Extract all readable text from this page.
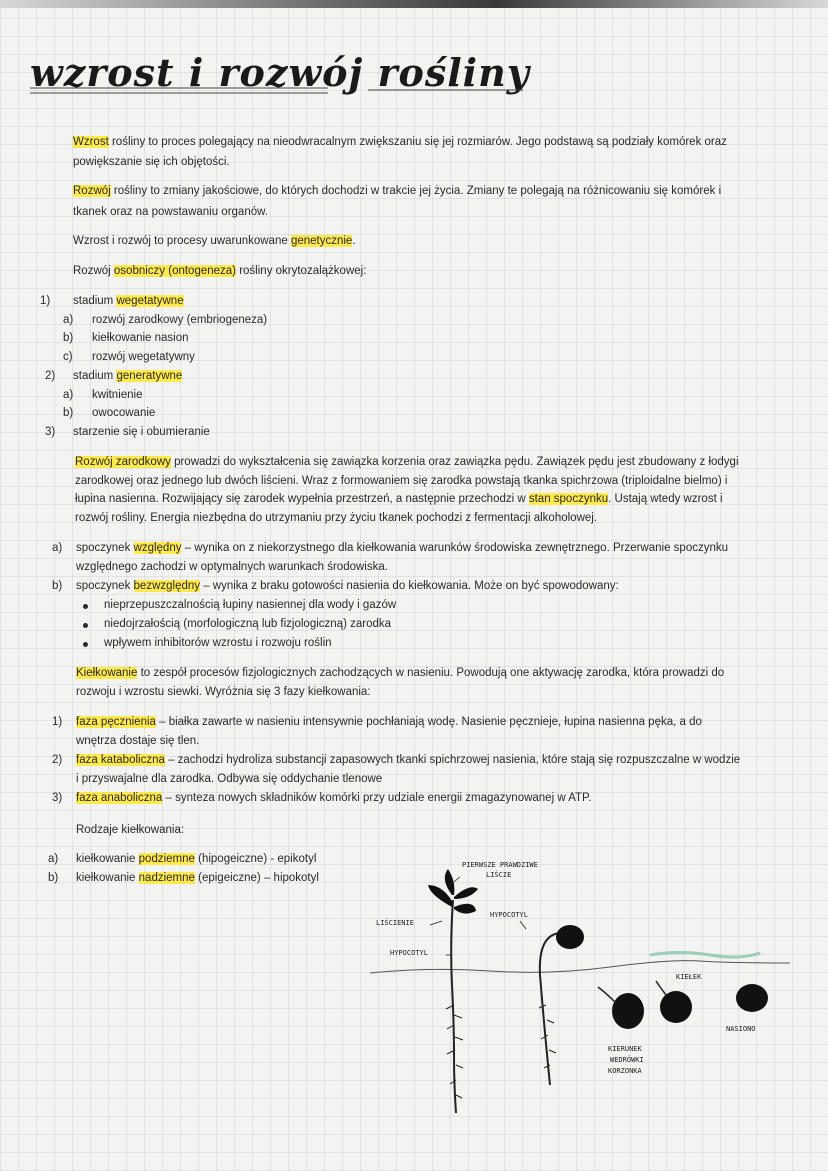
wzrost i rozwój rośliny
Wzrost rośliny to proces polegający na nieodwracalnym zwiększaniu się jej rozmiarów. Jego podstawą są podziały komórek oraz
powiększanie się ich objętości.
Rozwój rośliny to zmiany jakościowe, do których dochodzi w trakcie jej życia. Zmiany te polegają na różnicowaniu się komórek i
tkanek oraz na powstawaniu organów.
Wzrost i rozwój to procesy uwarunkowane genetycznie.
Rozwój osobniczy (ontogeneza) rośliny okrytozalążkowej:
1) stadium wegetatywne
a) rozwój zarodkowy (embriogeneza)
b) kiełkowanie nasion
c) rozwój wegetatywny
2) stadium generatywne
a) kwitnienie
b) owocowanie
3) starzenie się i obumieranie
Rozwój zarodkowy prowadzi do wykształcenia się zawiązka korzenia oraz zawiązka pędu. Zawiązek pędu jest zbudowany z łodygi
zarodkowej oraz jednego lub dwóch liścieni. Wraz z formowaniem się zarodka powstają tkanka spichrzowa (triploidalne bielmo) i
łupina nasienna. Rozwijający się zarodek wypełnia przestrzeń, a następnie przechodzi w stan spoczynku. Ustają wtedy wzrost i
rozwój rośliny. Energia niezbędna do utrzymaniu przy życiu tkanek pochodzi z fermentacji alkoholowej.
a) spoczynek względny – wynika on z niekorzystnego dla kiełkowania warunków środowiska zewnętrznego. Przerwanie spoczynku
względnego zachodzi w optymalnych warunkach środowiska.
b) spoczynek bezwzględny – wynika z braku gotowości nasienia do kiełkowania. Może on być spowodowany:
nieprzepuszczalnością łupiny nasiennej dla wody i gazów
niedojrzałością (morfologiczną lub fizjologiczną) zarodka
wpływem inhibitorów wzrostu i rozwoju roślin
Kiełkowanie to zespół procesów fizjologicznych zachodzących w nasieniu. Powodują one aktywację zarodka, która prowadzi do
rozwoju i wzrostu siewki. Wyróżnia się 3 fazy kiełkowania:
1) faza pęcznienia – białka zawarte w nasieniu intensywnie pochłaniają wodę. Nasienie pęcznieje, łupina nasienna pęka, a do
wnętrza dostaje się tlen.
2) faza kataboliczna – zachodzi hydroliza substancji zapasowych tkanki spichrzowej nasienia, które stają się rozpuszczalne w wodzie
i przyswajalne dla zarodka. Odbywa się oddychanie tlenowe
3) faza anaboliczna – synteza nowych składników komórki przy udziale energii zmagazynowanej w ATP.
Rodzaje kiełkowania:
a) kiełkowanie podziemne (hipogeiczne) - epikotyl
b) kiełkowanie nadziemne (epigeiczne) – hipokotyl
PIERWSZE PRAWDZIWE
LIŚCIE
LIŚCIENIE
HYPOCOTYL
HYPOCOTYL
KIEŁEK
NASIONO
KIERUNEK
WEDRÓWKI
KORZONKA
